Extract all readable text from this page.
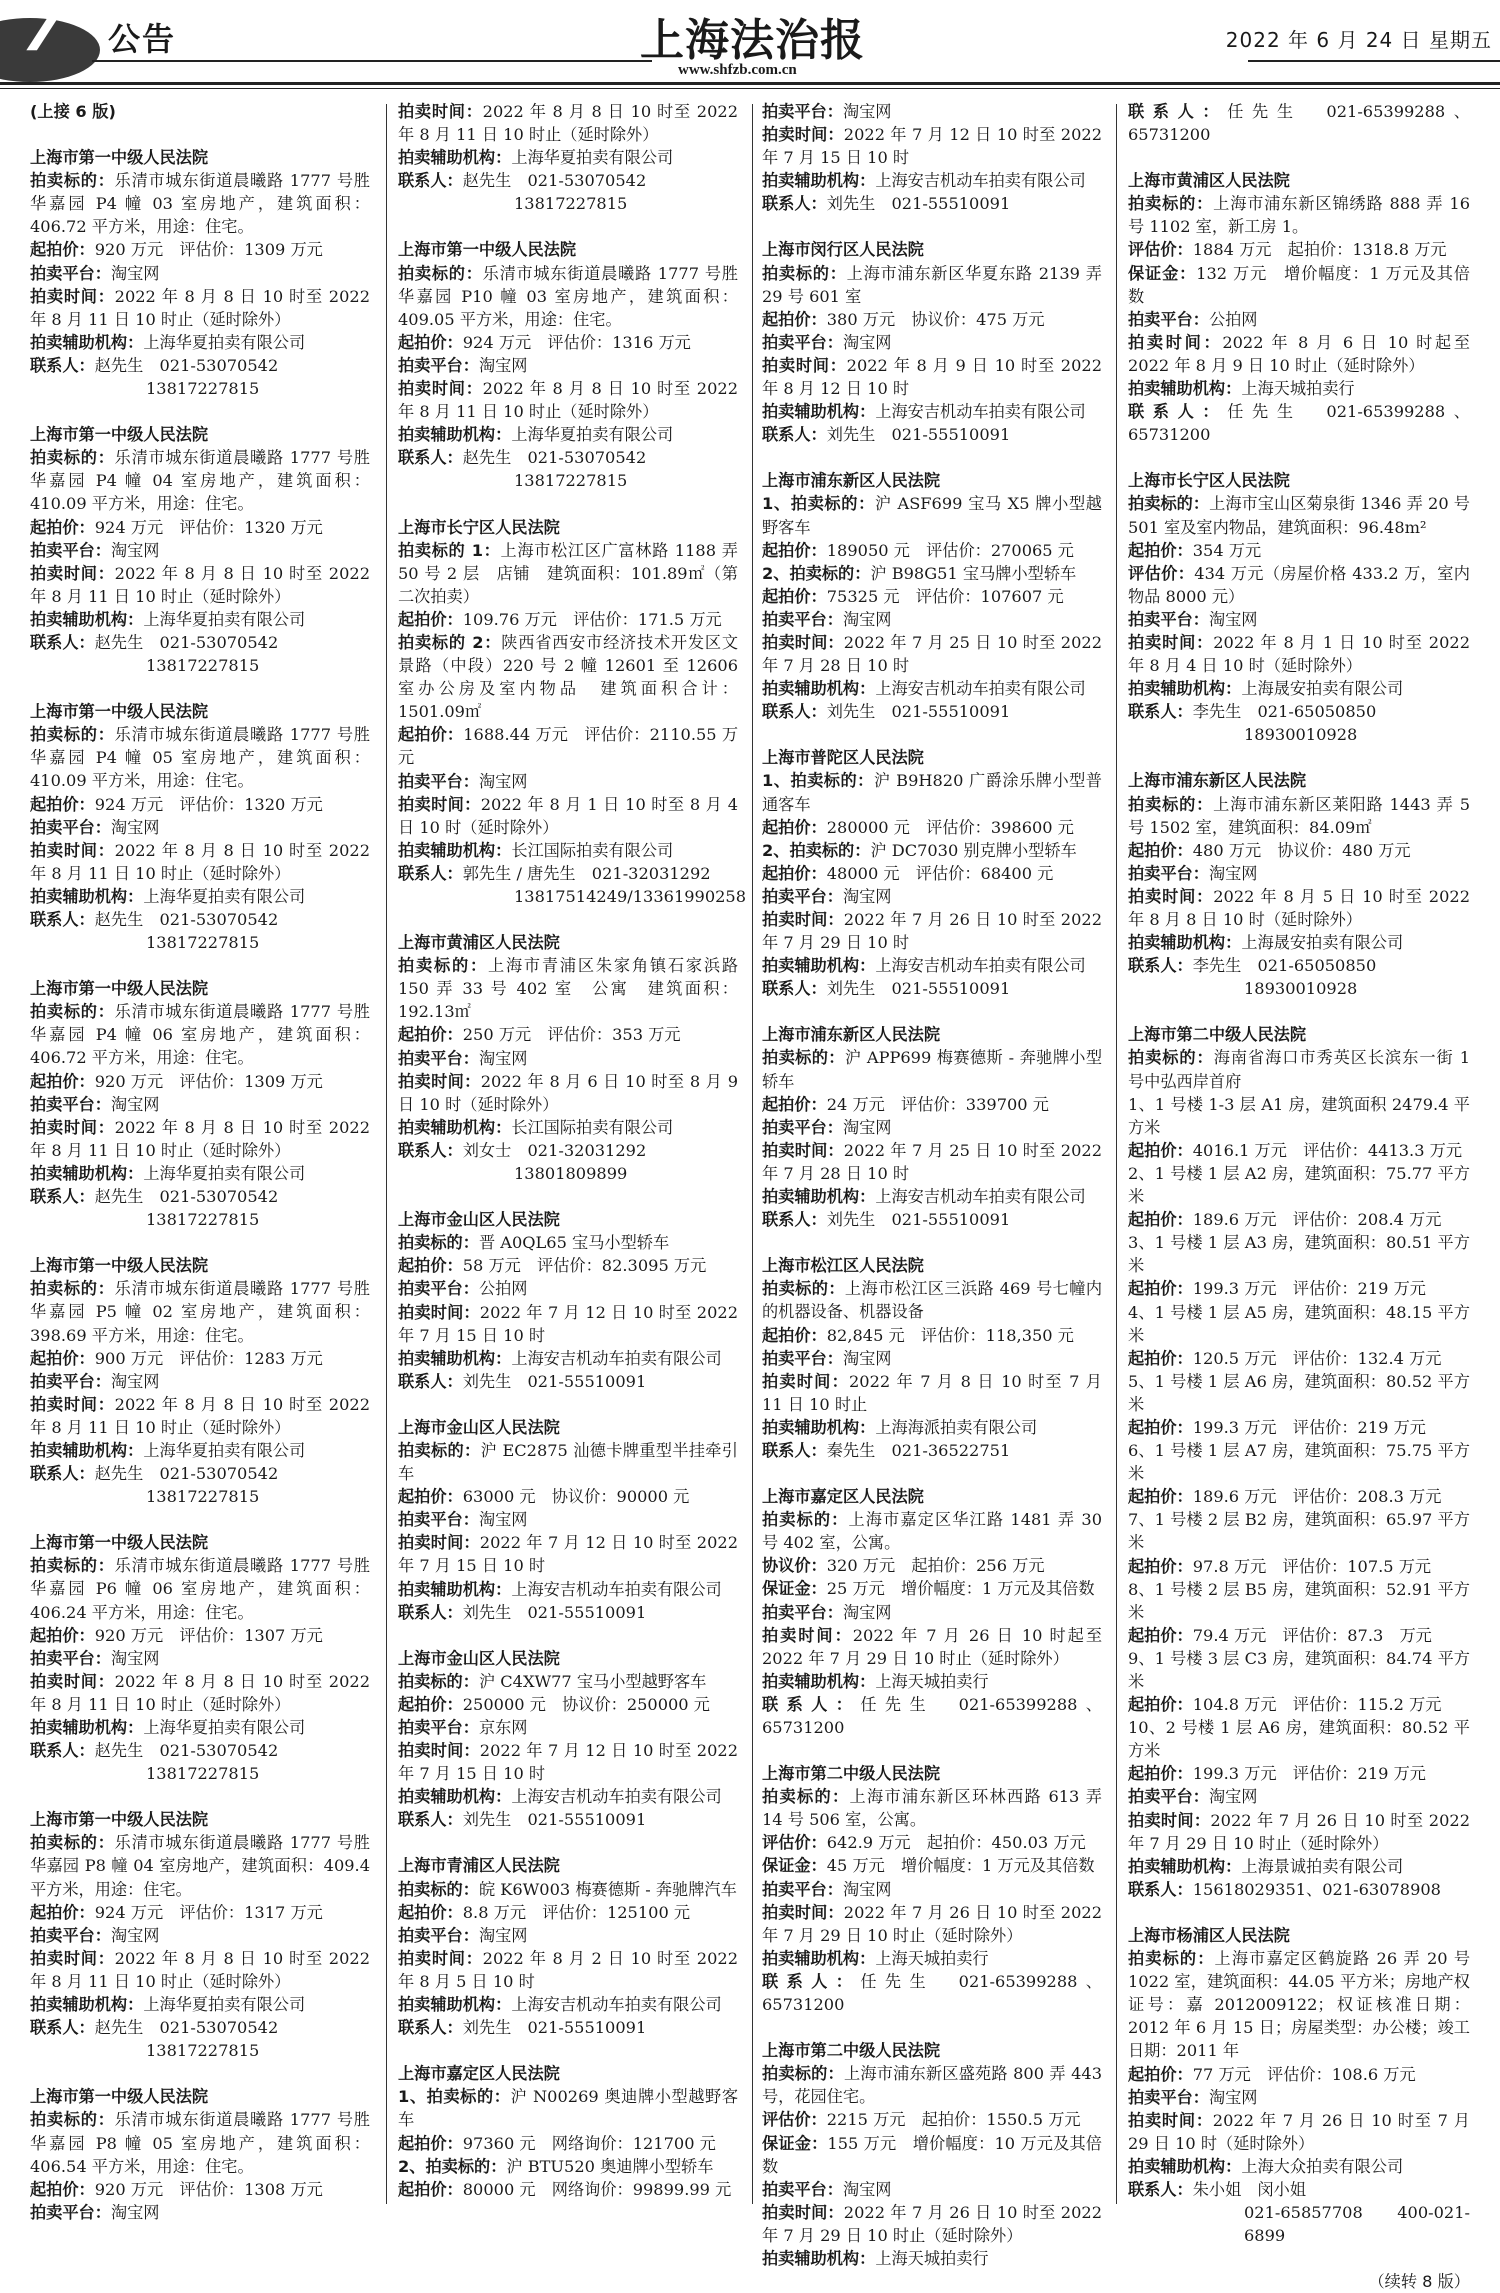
7 公告	上海法治报
www.shfzb.com.cn
2022 年 6 月 24 日 星期五
(上接 6 版)
上海市第一中级人民法院
拍卖标的：乐清市城东街道晨曦路 1777 号胜华嘉园 P4 幢 03 室房地产，建筑面积：406.72 平方米，用途：住宅。
起拍价：920 万元　评估价：1309 万元
拍卖平台：淘宝网
拍卖时间：2022 年 8 月 8 日 10 时至 2022 年 8 月 11 日 10 时止（延时除外）
拍卖辅助机构：上海华夏拍卖有限公司
联系人：赵先生　021-53070542
13817227815
上海市第一中级人民法院
拍卖标的：乐清市城东街道晨曦路 1777 号胜华嘉园 P4 幢 04 室房地产，建筑面积：410.09 平方米，用途：住宅。
起拍价：924 万元　评估价：1320 万元
拍卖平台：淘宝网
拍卖时间：2022 年 8 月 8 日 10 时至 2022 年 8 月 11 日 10 时止（延时除外）
拍卖辅助机构：上海华夏拍卖有限公司
联系人：赵先生　021-53070542
13817227815
上海市第一中级人民法院
拍卖标的：乐清市城东街道晨曦路 1777 号胜华嘉园 P4 幢 05 室房地产，建筑面积：410.09 平方米，用途：住宅。
起拍价：924 万元　评估价：1320 万元
拍卖平台：淘宝网
拍卖时间：2022 年 8 月 8 日 10 时至 2022 年 8 月 11 日 10 时止（延时除外）
拍卖辅助机构：上海华夏拍卖有限公司
联系人：赵先生　021-53070542
13817227815
上海市第一中级人民法院
拍卖标的：乐清市城东街道晨曦路 1777 号胜华嘉园 P4 幢 06 室房地产，建筑面积：406.72 平方米，用途：住宅。
起拍价：920 万元　评估价：1309 万元
拍卖平台：淘宝网
拍卖时间：2022 年 8 月 8 日 10 时至 2022 年 8 月 11 日 10 时止（延时除外）
拍卖辅助机构：上海华夏拍卖有限公司
联系人：赵先生　021-53070542
13817227815
上海市第一中级人民法院
拍卖标的：乐清市城东街道晨曦路 1777 号胜华嘉园 P5 幢 02 室房地产，建筑面积：398.69 平方米，用途：住宅。
起拍价：900 万元　评估价：1283 万元
拍卖平台：淘宝网
拍卖时间：2022 年 8 月 8 日 10 时至 2022 年 8 月 11 日 10 时止（延时除外）
拍卖辅助机构：上海华夏拍卖有限公司
联系人：赵先生　021-53070542
13817227815
上海市第一中级人民法院
拍卖标的：乐清市城东街道晨曦路 1777 号胜华嘉园 P6 幢 06 室房地产，建筑面积：406.24 平方米，用途：住宅。
起拍价：920 万元　评估价：1307 万元
拍卖平台：淘宝网
拍卖时间：2022 年 8 月 8 日 10 时至 2022 年 8 月 11 日 10 时止（延时除外）
拍卖辅助机构：上海华夏拍卖有限公司
联系人：赵先生　021-53070542
13817227815
上海市第一中级人民法院
拍卖标的：乐清市城东街道晨曦路 1777 号胜华嘉园 P8 幢 04 室房地产，建筑面积：409.4 平方米，用途：住宅。
起拍价：924 万元　评估价：1317 万元
拍卖平台：淘宝网
拍卖时间：2022 年 8 月 8 日 10 时至 2022 年 8 月 11 日 10 时止（延时除外）
拍卖辅助机构：上海华夏拍卖有限公司
联系人：赵先生　021-53070542
13817227815
上海市第一中级人民法院
拍卖标的：乐清市城东街道晨曦路 1777 号胜华嘉园 P8 幢 05 室房地产，建筑面积：406.54 平方米，用途：住宅。
起拍价：920 万元　评估价：1308 万元
拍卖平台：淘宝网
拍卖时间：2022 年 8 月 8 日 10 时至 2022 年 8 月 11 日 10 时止（延时除外）
拍卖辅助机构：上海华夏拍卖有限公司
联系人：赵先生　021-53070542
13817227815
上海市第一中级人民法院
拍卖标的：乐清市城东街道晨曦路 1777 号胜华嘉园 P10 幢 03 室房地产，建筑面积：409.05 平方米，用途：住宅。
起拍价：924 万元　评估价：1316 万元
拍卖平台：淘宝网
拍卖时间：2022 年 8 月 8 日 10 时至 2022 年 8 月 11 日 10 时止（延时除外）
拍卖辅助机构：上海华夏拍卖有限公司
联系人：赵先生　021-53070542
13817227815
上海市长宁区人民法院
拍卖标的 1：上海市松江区广富林路 1188 弄 50 号 2 层　店铺　建筑面积：101.89㎡（第二次拍卖）
起拍价：109.76 万元　评估价：171.5 万元
拍卖标的 2：陕西省西安市经济技术开发区文景路（中段）220 号 2 幢 12601 至 12606 室办公房及室内物品　建筑面积合计：1501.09㎡
起拍价：1688.44 万元　评估价：2110.55 万元
拍卖平台：淘宝网
拍卖时间：2022 年 8 月 1 日 10 时至 8 月 4 日 10 时（延时除外）
拍卖辅助机构：长江国际拍卖有限公司
联系人：郭先生 / 唐先生　021-32031292
13817514249/13361990258
上海市黄浦区人民法院
拍卖标的：上海市青浦区朱家角镇石家浜路 150 弄 33 号 402 室　公寓　建筑面积：192.13㎡
起拍价：250 万元　评估价：353 万元
拍卖平台：淘宝网
拍卖时间：2022 年 8 月 6 日 10 时至 8 月 9 日 10 时（延时除外）
拍卖辅助机构：长江国际拍卖有限公司
联系人：刘女士　021-32031292
13801809899
上海市金山区人民法院
拍卖标的：晋 A0QL65 宝马小型轿车
起拍价：58 万元　评估价：82.3095 万元
拍卖平台：公拍网
拍卖时间：2022 年 7 月 12 日 10 时至 2022 年 7 月 15 日 10 时
拍卖辅助机构：上海安吉机动车拍卖有限公司
联系人：刘先生　021-55510091
上海市金山区人民法院
拍卖标的：沪 EC2875 汕德卡牌重型半挂牵引车
起拍价：63000 元　协议价：90000 元
拍卖平台：淘宝网
拍卖时间：2022 年 7 月 12 日 10 时至 2022 年 7 月 15 日 10 时
拍卖辅助机构：上海安吉机动车拍卖有限公司
联系人：刘先生　021-55510091
上海市金山区人民法院
拍卖标的：沪 C4XW77 宝马小型越野客车
起拍价：250000 元　协议价：250000 元
拍卖平台：京东网
拍卖时间：2022 年 7 月 12 日 10 时至 2022 年 7 月 15 日 10 时
拍卖辅助机构：上海安吉机动车拍卖有限公司
联系人：刘先生　021-55510091
上海市青浦区人民法院
拍卖标的：皖 K6W003 梅赛德斯 - 奔驰牌汽车
起拍价：8.8 万元　评估价：125100 元
拍卖平台：淘宝网
拍卖时间：2022 年 8 月 2 日 10 时至 2022 年 8 月 5 日 10 时
拍卖辅助机构：上海安吉机动车拍卖有限公司
联系人：刘先生　021-55510091
上海市嘉定区人民法院
1、拍卖标的：沪 N00269 奥迪牌小型越野客车
起拍价：97360 元　网络询价：121700 元
2、拍卖标的：沪 BTU520 奥迪牌小型轿车
起拍价：80000 元　网络询价：99899.99 元
拍卖平台：淘宝网
拍卖时间：2022 年 7 月 12 日 10 时至 2022 年 7 月 15 日 10 时
拍卖辅助机构：上海安吉机动车拍卖有限公司
联系人：刘先生　021-55510091
上海市闵行区人民法院
拍卖标的：上海市浦东新区华夏东路 2139 弄 29 号 601 室
起拍价：380 万元　协议价：475 万元
拍卖平台：淘宝网
拍卖时间：2022 年 8 月 9 日 10 时至 2022 年 8 月 12 日 10 时
拍卖辅助机构：上海安吉机动车拍卖有限公司
联系人：刘先生　021-55510091
上海市浦东新区人民法院
1、拍卖标的：沪 ASF699 宝马 X5 牌小型越野客车
起拍价：189050 元　评估价：270065 元
2、拍卖标的：沪 B98G51 宝马牌小型轿车
起拍价：75325 元　评估价：107607 元
拍卖平台：淘宝网
拍卖时间：2022 年 7 月 25 日 10 时至 2022 年 7 月 28 日 10 时
拍卖辅助机构：上海安吉机动车拍卖有限公司
联系人：刘先生　021-55510091
上海市普陀区人民法院
1、拍卖标的：沪 B9H820 广爵涂乐牌小型普通客车
起拍价：280000 元　评估价：398600 元
2、拍卖标的：沪 DC7030 别克牌小型轿车
起拍价：48000 元　评估价：68400 元
拍卖平台：淘宝网
拍卖时间：2022 年 7 月 26 日 10 时至 2022 年 7 月 29 日 10 时
拍卖辅助机构：上海安吉机动车拍卖有限公司
联系人：刘先生　021-55510091
上海市浦东新区人民法院
拍卖标的：沪 APP699 梅赛德斯 - 奔驰牌小型轿车
起拍价：24 万元　评估价：339700 元
拍卖平台：淘宝网
拍卖时间：2022 年 7 月 25 日 10 时至 2022 年 7 月 28 日 10 时
拍卖辅助机构：上海安吉机动车拍卖有限公司
联系人：刘先生　021-55510091
上海市松江区人民法院
拍卖标的：上海市松江区三浜路 469 号七幢内的机器设备、机器设备
起拍价：82,845 元　评估价：118,350 元
拍卖平台：淘宝网
拍卖时间：2022 年 7 月 8 日 10 时至 7 月 11 日 10 时止
拍卖辅助机构：上海海派拍卖有限公司
联系人：秦先生　021-36522751
上海市嘉定区人民法院
拍卖标的：上海市嘉定区华江路 1481 弄 30 号 402 室，公寓。
协议价：320 万元　起拍价：256 万元
保证金：25 万元　增价幅度：1 万元及其倍数
拍卖平台：淘宝网
拍卖时间：2022 年 7 月 26 日 10 时起至 2022 年 7 月 29 日 10 时止（延时除外）
拍卖辅助机构：上海天城拍卖行
联系人：任先生　021-65399288、65731200
上海市第二中级人民法院
拍卖标的：上海市浦东新区环林西路 613 弄 14 号 506 室，公寓。
评估价：642.9 万元　起拍价：450.03 万元
保证金：45 万元　增价幅度：1 万元及其倍数
拍卖平台：淘宝网
拍卖时间：2022 年 7 月 26 日 10 时至 2022 年 7 月 29 日 10 时止（延时除外）
拍卖辅助机构：上海天城拍卖行
联系人：任先生　021-65399288、65731200
上海市第二中级人民法院
拍卖标的：上海市浦东新区盛苑路 800 弄 443 号，花园住宅。
评估价：2215 万元　起拍价：1550.5 万元
保证金：155 万元　增价幅度：10 万元及其倍数
拍卖平台：淘宝网
拍卖时间：2022 年 7 月 26 日 10 时至 2022 年 7 月 29 日 10 时止（延时除外）
拍卖辅助机构：上海天城拍卖行
联系人：任先生　021-65399288、65731200
上海市黄浦区人民法院
拍卖标的：上海市浦东新区锦绣路 888 弄 16 号 1102 室，新工房 1。
评估价：1884 万元　起拍价：1318.8 万元
保证金：132 万元　增价幅度：1 万元及其倍数
拍卖平台：公拍网
拍卖时间：2022 年 8 月 6 日 10 时起至 2022 年 8 月 9 日 10 时止（延时除外）
拍卖辅助机构：上海天城拍卖行
联系人：任先生　021-65399288、65731200
上海市长宁区人民法院
拍卖标的：上海市宝山区菊泉街 1346 弄 20 号 501 室及室内物品，建筑面积：96.48m²
起拍价：354 万元
评估价：434 万元（房屋价格 433.2 万，室内物品 8000 元）
拍卖平台：淘宝网
拍卖时间：2022 年 8 月 1 日 10 时至 2022 年 8 月 4 日 10 时（延时除外）
拍卖辅助机构：上海晟安拍卖有限公司
联系人：李先生　021-65050850
18930010928
上海市浦东新区人民法院
拍卖标的：上海市浦东新区莱阳路 1443 弄 5 号 1502 室，建筑面积：84.09㎡
起拍价：480 万元　协议价：480 万元
拍卖平台：淘宝网
拍卖时间：2022 年 8 月 5 日 10 时至 2022 年 8 月 8 日 10 时（延时除外）
拍卖辅助机构：上海晟安拍卖有限公司
联系人：李先生　021-65050850
18930010928
上海市第二中级人民法院
拍卖标的：海南省海口市秀英区长滨东一街 1 号中弘西岸首府
1、1 号楼 1-3 层 A1 房，建筑面积 2479.4 平方米
起拍价：4016.1 万元　评估价：4413.3 万元
2、1 号楼 1 层 A2 房，建筑面积：75.77 平方米
起拍价：189.6 万元　评估价：208.4 万元
3、1 号楼 1 层 A3 房，建筑面积：80.51 平方米
起拍价：199.3 万元　评估价：219 万元
4、1 号楼 1 层 A5 房，建筑面积：48.15 平方米
起拍价：120.5 万元　评估价：132.4 万元
5、1 号楼 1 层 A6 房，建筑面积：80.52 平方米
起拍价：199.3 万元　评估价：219 万元
6、1 号楼 1 层 A7 房，建筑面积：75.75 平方米
起拍价：189.6 万元　评估价：208.3 万元
7、1 号楼 2 层 B2 房，建筑面积：65.97 平方米
起拍价：97.8 万元　评估价：107.5 万元
8、1 号楼 2 层 B5 房，建筑面积：52.91 平方米
起拍价：79.4 万元　评估价：87.3　万元
9、1 号楼 3 层 C3 房，建筑面积：84.74 平方米
起拍价：104.8 万元　评估价：115.2 万元
10、2 号楼 1 层 A6 房，建筑面积：80.52 平方米
起拍价：199.3 万元　评估价：219 万元
拍卖平台：淘宝网
拍卖时间：2022 年 7 月 26 日 10 时至 2022 年 7 月 29 日 10 时止（延时除外）
拍卖辅助机构：上海景诚拍卖有限公司
联系人：15618029351、021-63078908
上海市杨浦区人民法院
拍卖标的：上海市嘉定区鹤旋路 26 弄 20 号 1022 室，建筑面积：44.05 平方米；房地产权证号：嘉 2012009122；权证核准日期：2012 年 6 月 15 日；房屋类型：办公楼；竣工日期：2011 年
起拍价：77 万元　评估价：108.6 万元
拍卖平台：淘宝网
拍卖时间：2022 年 7 月 26 日 10 时至 7 月 29 日 10 时（延时除外）
拍卖辅助机构：上海大众拍卖有限公司
联系人：朱小姐　闵小姐
021-65857708　400-021-6899
（续转 8 版）
